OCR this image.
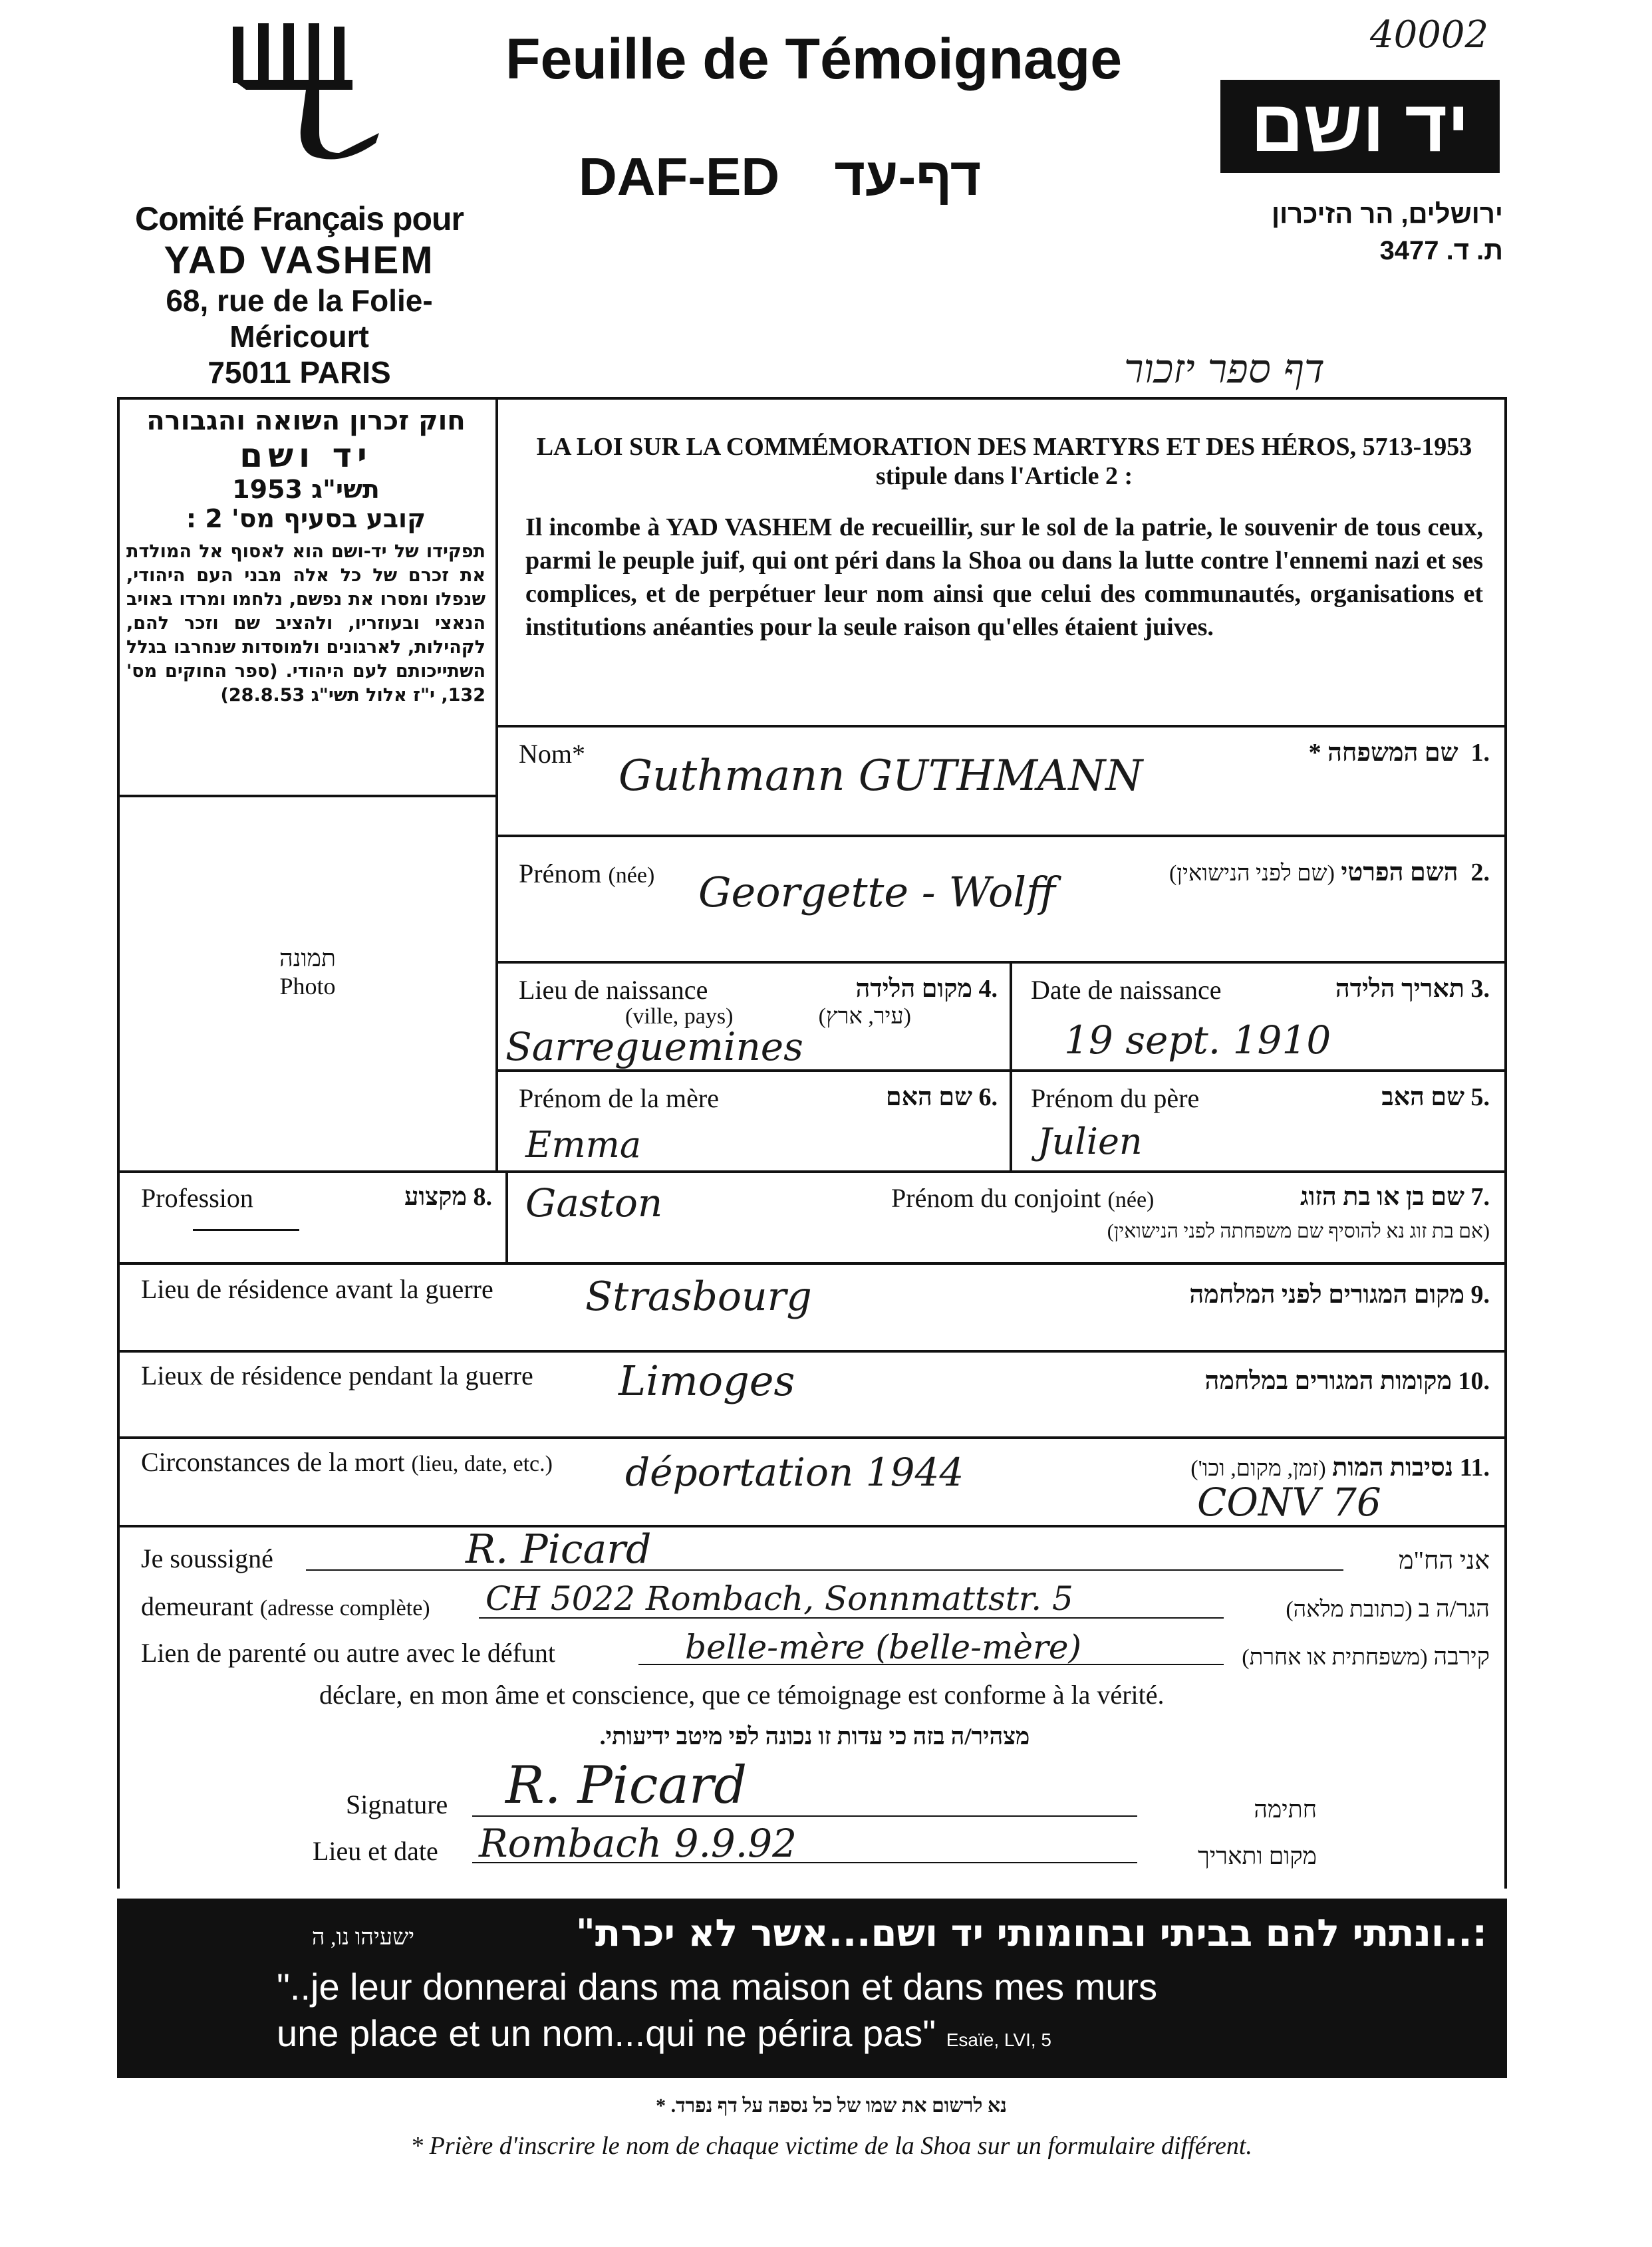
Comité Français pour
YAD VASHEM
68, rue de la Folie-Méricourt
75011 PARIS
Feuille de Témoignage
DAF-ED דף-עד
40002
יד ושם
ירושלים, הר הזיכרון
ת. ד. 3477
דף ספר יזכור
חוק זכרון השואה והגבורה
יד ושם
תשי"ג 1953
קובע בסעיף מס' 2 :
תפקידו של יד-ושם הוא לאסוף אל המולדת את זכרם של כל אלה מבני העם היהודי, שנפלו ומסרו את נפשם, נלחמו ומרדו באויב הנאצי ובעוזריו, ולהציב שם וזכר להם, לקהילות, לארגונים ולמוסדות שנחרבו בגלל השתייכותם לעם היהודי. (ספר החוקים מס' 132, י"ז אלול תשי"ג 28.8.53)
LA LOI SUR LA COMMÉMORATION DES MARTYRS ET DES HÉROS, 5713-1953
stipule dans l'Article 2 :
Il incombe à YAD VASHEM de recueillir, sur le sol de la patrie, le souvenir de tous ceux, parmi le peuple juif, qui ont péri dans la Shoa ou dans la lutte contre l'ennemi nazi et ses complices, et de perpétuer leur nom ainsi que celui des communautés, organisations et institutions anéanties pour la seule raison qu'elles étaient juives.
תמונה
Photo
Nom* Guthmann GUTHMANN	.1  שם המשפחה *
Prénom (née) Georgette - Wolff	.2  השם הפרטי (שם לפני הנישואין)
Lieu de naissance
(ville, pays)
.4 מקום הלידה
(עיר, ארץ)
Sarreguemines
Date de naissance	.3 תאריך הלידה
19 sept. 1910
Prénom de la mère	.6 שם האם
Emma
Prénom du père	.5 שם האב
Julien
Profession	.8 מקצוע	Gaston	Prénom du conjoint (née)	.7 שם בן או בת הזוג
(אם בת זוג נא להוסיף שם משפחתה לפני הנישואין)
Lieu de résidence avant la guerre Strasbourg	.9 מקום המגורים לפני המלחמה
Lieux de résidence pendant la guerre Limoges	.10 מקומות המגורים במלחמה
Circonstances de la mort (lieu, date, etc.) déportation 1944
CONV 76
.11 נסיבות המות (זמן, מקום, וכו')
Je soussigné	R. Picard	אני הח"מ
demeurant (adresse complète) CH 5022 Rombach, Sonnmattstr. 5	הגר/ה ב (כתובת מלאה)
Lien de parenté ou autre avec le défunt	belle-mère (belle-mère)	קירבה (משפחתית או אחרת)
déclare, en mon âme et conscience, que ce témoignage est conforme à la vérité.
מצהיר/ה בזה כי עדות זו נכונה לפי מיטב ידיעותי.
Signature R. Picard	חתימה
Lieu et date Rombach 9.9.92	מקום ותאריך
:..ונתתי להם בביתי ובחומותי יד ושם...אשר לא יכרת"
ישעיהו נו, ה
"..je leur donnerai dans ma maison et dans mes murs
une place et un nom...qui ne périra pas" Esaïe, LVI, 5
נא לרשום את שמו של כל נספה על דף נפרד. *
* Prière d'inscrire le nom de chaque victime de la Shoa sur un formulaire différent.
